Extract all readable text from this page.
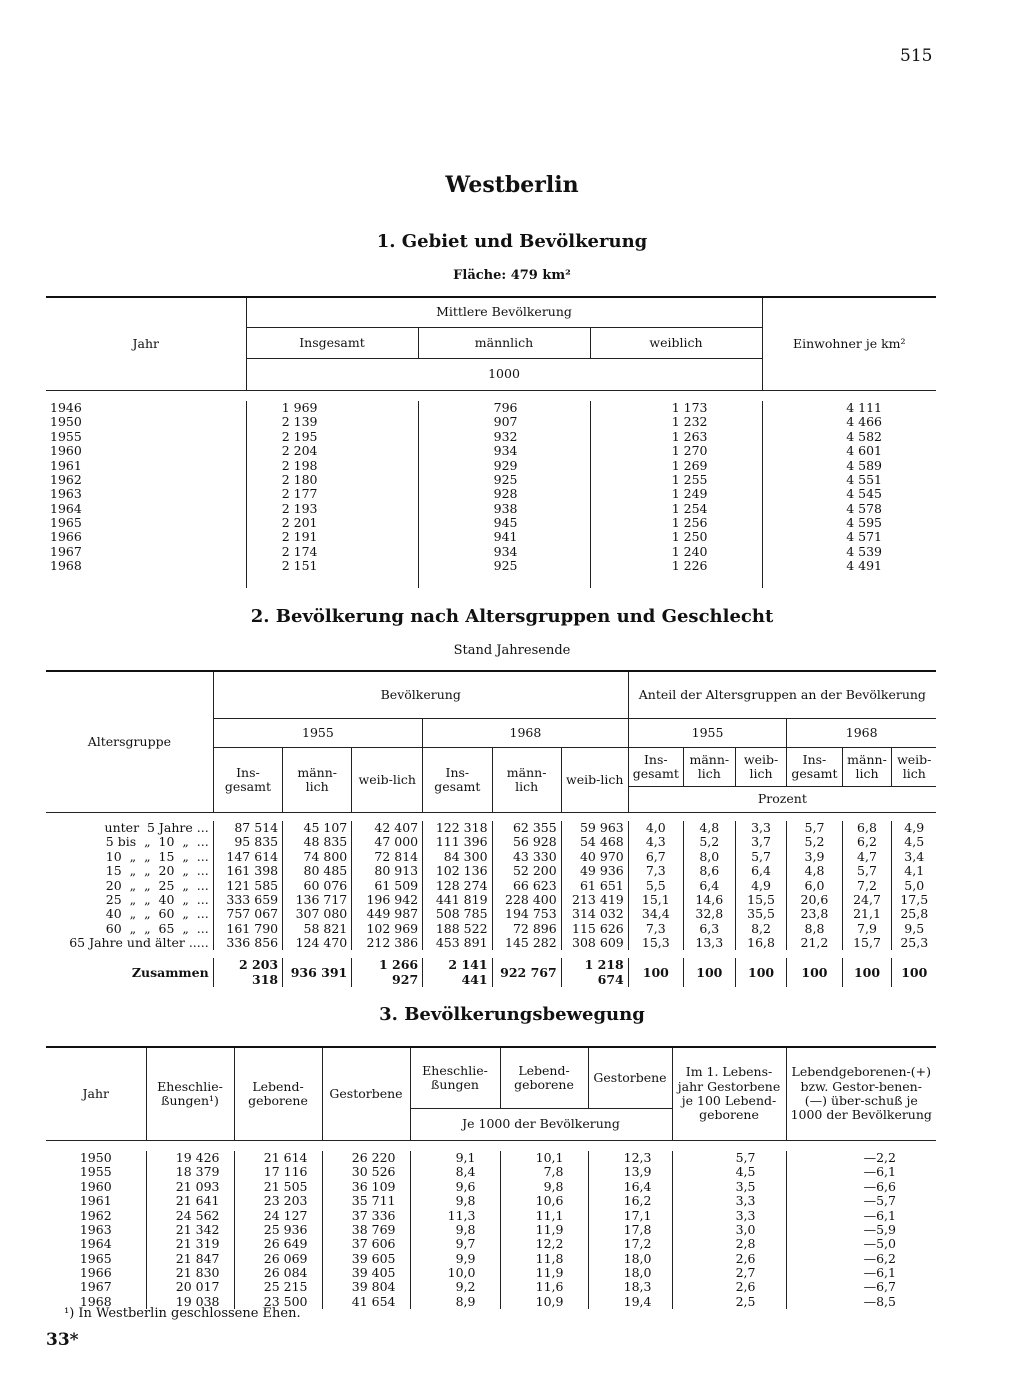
515
Westberlin
1. Gebiet und Bevölkerung
Fläche: 479 km²
Jahr	Mittlere Bevölkerung			Einwohner je km²
	Insgesamt	männlich	weiblich	
	1000			

1946	1 969	796	1 173	4 111
1950	2 139	907	1 232	4 466
1955	2 195	932	1 263	4 582
1960	2 204	934	1 270	4 601
1961	2 198	929	1 269	4 589
1962	2 180	925	1 255	4 551
1963	2 177	928	1 249	4 545
1964	2 193	938	1 254	4 578
1965	2 201	945	1 256	4 595
1966	2 191	941	1 250	4 571
1967	2 174	934	1 240	4 539
1968	2 151	925	1 226	4 491

2. Bevölkerung nach Altersgruppen und Geschlecht
Stand Jahresende
Altersgruppe	Bevölkerung						Anteil der Altersgruppen an der Bevölkerung					
	1955			1968			1955			1968		
	Ins-gesamt	männ-lich	weib-lich	Ins-gesamt	männ-lich	weib-lich	Ins-gesamt	männ-lich	weib-lich	Ins-gesamt	männ-lich	weib-lich
							Prozent					

unter  5 Jahre ...	87 514	45 107	42 407	122 318	62 355	59 963	4,0	4,8	3,3	5,7	6,8	4,9
5 bis  „  10  „  ...	95 835	48 835	47 000	111 396	56 928	54 468	4,3	5,2	3,7	5,2	6,2	4,5
10  „  „  15  „  ...	147 614	74 800	72 814	84 300	43 330	40 970	6,7	8,0	5,7	3,9	4,7	3,4
15  „  „  20  „  ...	161 398	80 485	80 913	102 136	52 200	49 936	7,3	8,6	6,4	4,8	5,7	4,1
20  „  „  25  „  ...	121 585	60 076	61 509	128 274	66 623	61 651	5,5	6,4	4,9	6,0	7,2	5,0
25  „  „  40  „  ...	333 659	136 717	196 942	441 819	228 400	213 419	15,1	14,6	15,5	20,6	24,7	17,5
40  „  „  60  „  ...	757 067	307 080	449 987	508 785	194 753	314 032	34,4	32,8	35,5	23,8	21,1	25,8
60  „  „  65  „  ...	161 790	58 821	102 969	188 522	72 896	115 626	7,3	6,3	8,2	8,8	7,9	9,5
65 Jahre und älter .....	336 856	124 470	212 386	453 891	145 282	308 609	15,3	13,3	16,8	21,2	15,7	25,3

Zusammen	2 203 318	936 391	1 266 927	2 141 441	922 767	1 218 674	100	100	100	100	100	100
3. Bevölkerungsbewegung
Jahr	Eheschlie-ßungen¹)	Lebend-geborene	Gestorbene	Eheschlie-ßungen	Lebend-geborene	Gestorbene	Im 1. Lebens-jahr Gestorbene je 100 Lebend-geborene	Lebendgeborenen-(+) bzw. Gestor-benen-(—) über-schuß je 1000 der Bevölkerung
				Je 1000 der Bevölkerung				

1950	19 426	21 614	26 220	9,1	10,1	12,3	5,7	—2,2
1955	18 379	17 116	30 526	8,4	7,8	13,9	4,5	—6,1
1960	21 093	21 505	36 109	9,6	9,8	16,4	3,5	—6,6
1961	21 641	23 203	35 711	9,8	10,6	16,2	3,3	—5,7
1962	24 562	24 127	37 336	11,3	11,1	17,1	3,3	—6,1
1963	21 342	25 936	38 769	9,8	11,9	17,8	3,0	—5,9
1964	21 319	26 649	37 606	9,7	12,2	17,2	2,8	—5,0
1965	21 847	26 069	39 605	9,9	11,8	18,0	2,6	—6,2
1966	21 830	26 084	39 405	10,0	11,9	18,0	2,7	—6,1
1967	20 017	25 215	39 804	9,2	11,6	18,3	2,6	—6,7
1968	19 038	23 500	41 654	8,9	10,9	19,4	2,5	—8,5
¹) In Westberlin geschlossene Ehen.
33*
